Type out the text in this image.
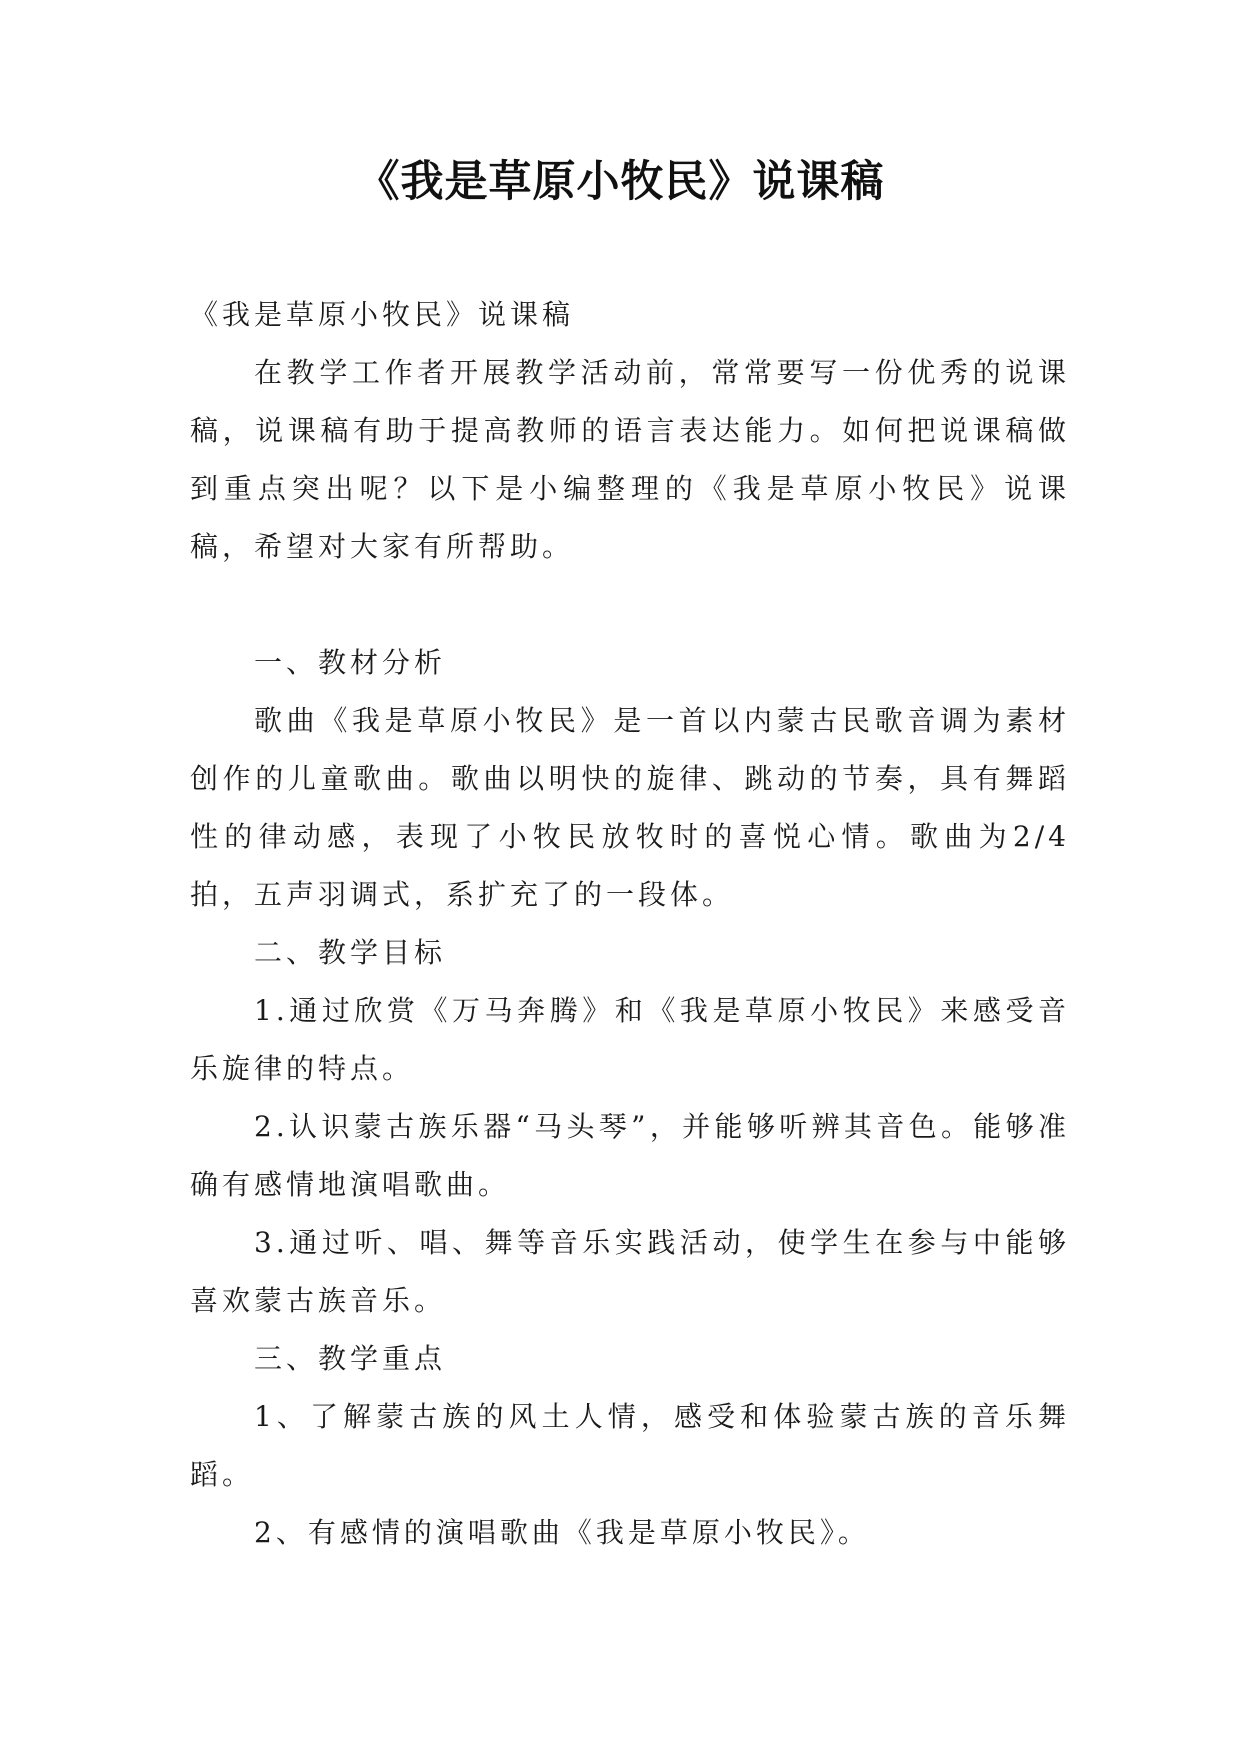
《我是草原小牧民》说课稿

《我是草原小牧民》说课稿

在教学工作者开展教学活动前，常常要写一份优秀的说课稿，说课稿有助于提高教师的语言表达能力。如何把说课稿做到重点突出呢？以下是小编整理的《我是草原小牧民》说课稿，希望对大家有所帮助。

一、教材分析

歌曲《我是草原小牧民》是一首以内蒙古民歌音调为素材创作的儿童歌曲。歌曲以明快的旋律、跳动的节奏，具有舞蹈性的律动感，表现了小牧民放牧时的喜悦心情。歌曲为2/4拍，五声羽调式，系扩充了的一段体。

二、教学目标

1.通过欣赏《万马奔腾》和《我是草原小牧民》来感受音乐旋律的特点。

2.认识蒙古族乐器“马头琴”，并能够听辨其音色。能够准确有感情地演唱歌曲。

3.通过听、唱、舞等音乐实践活动，使学生在参与中能够喜欢蒙古族音乐。

三、教学重点

1、了解蒙古族的风土人情，感受和体验蒙古族的音乐舞蹈。

2、有感情的演唱歌曲《我是草原小牧民》。
